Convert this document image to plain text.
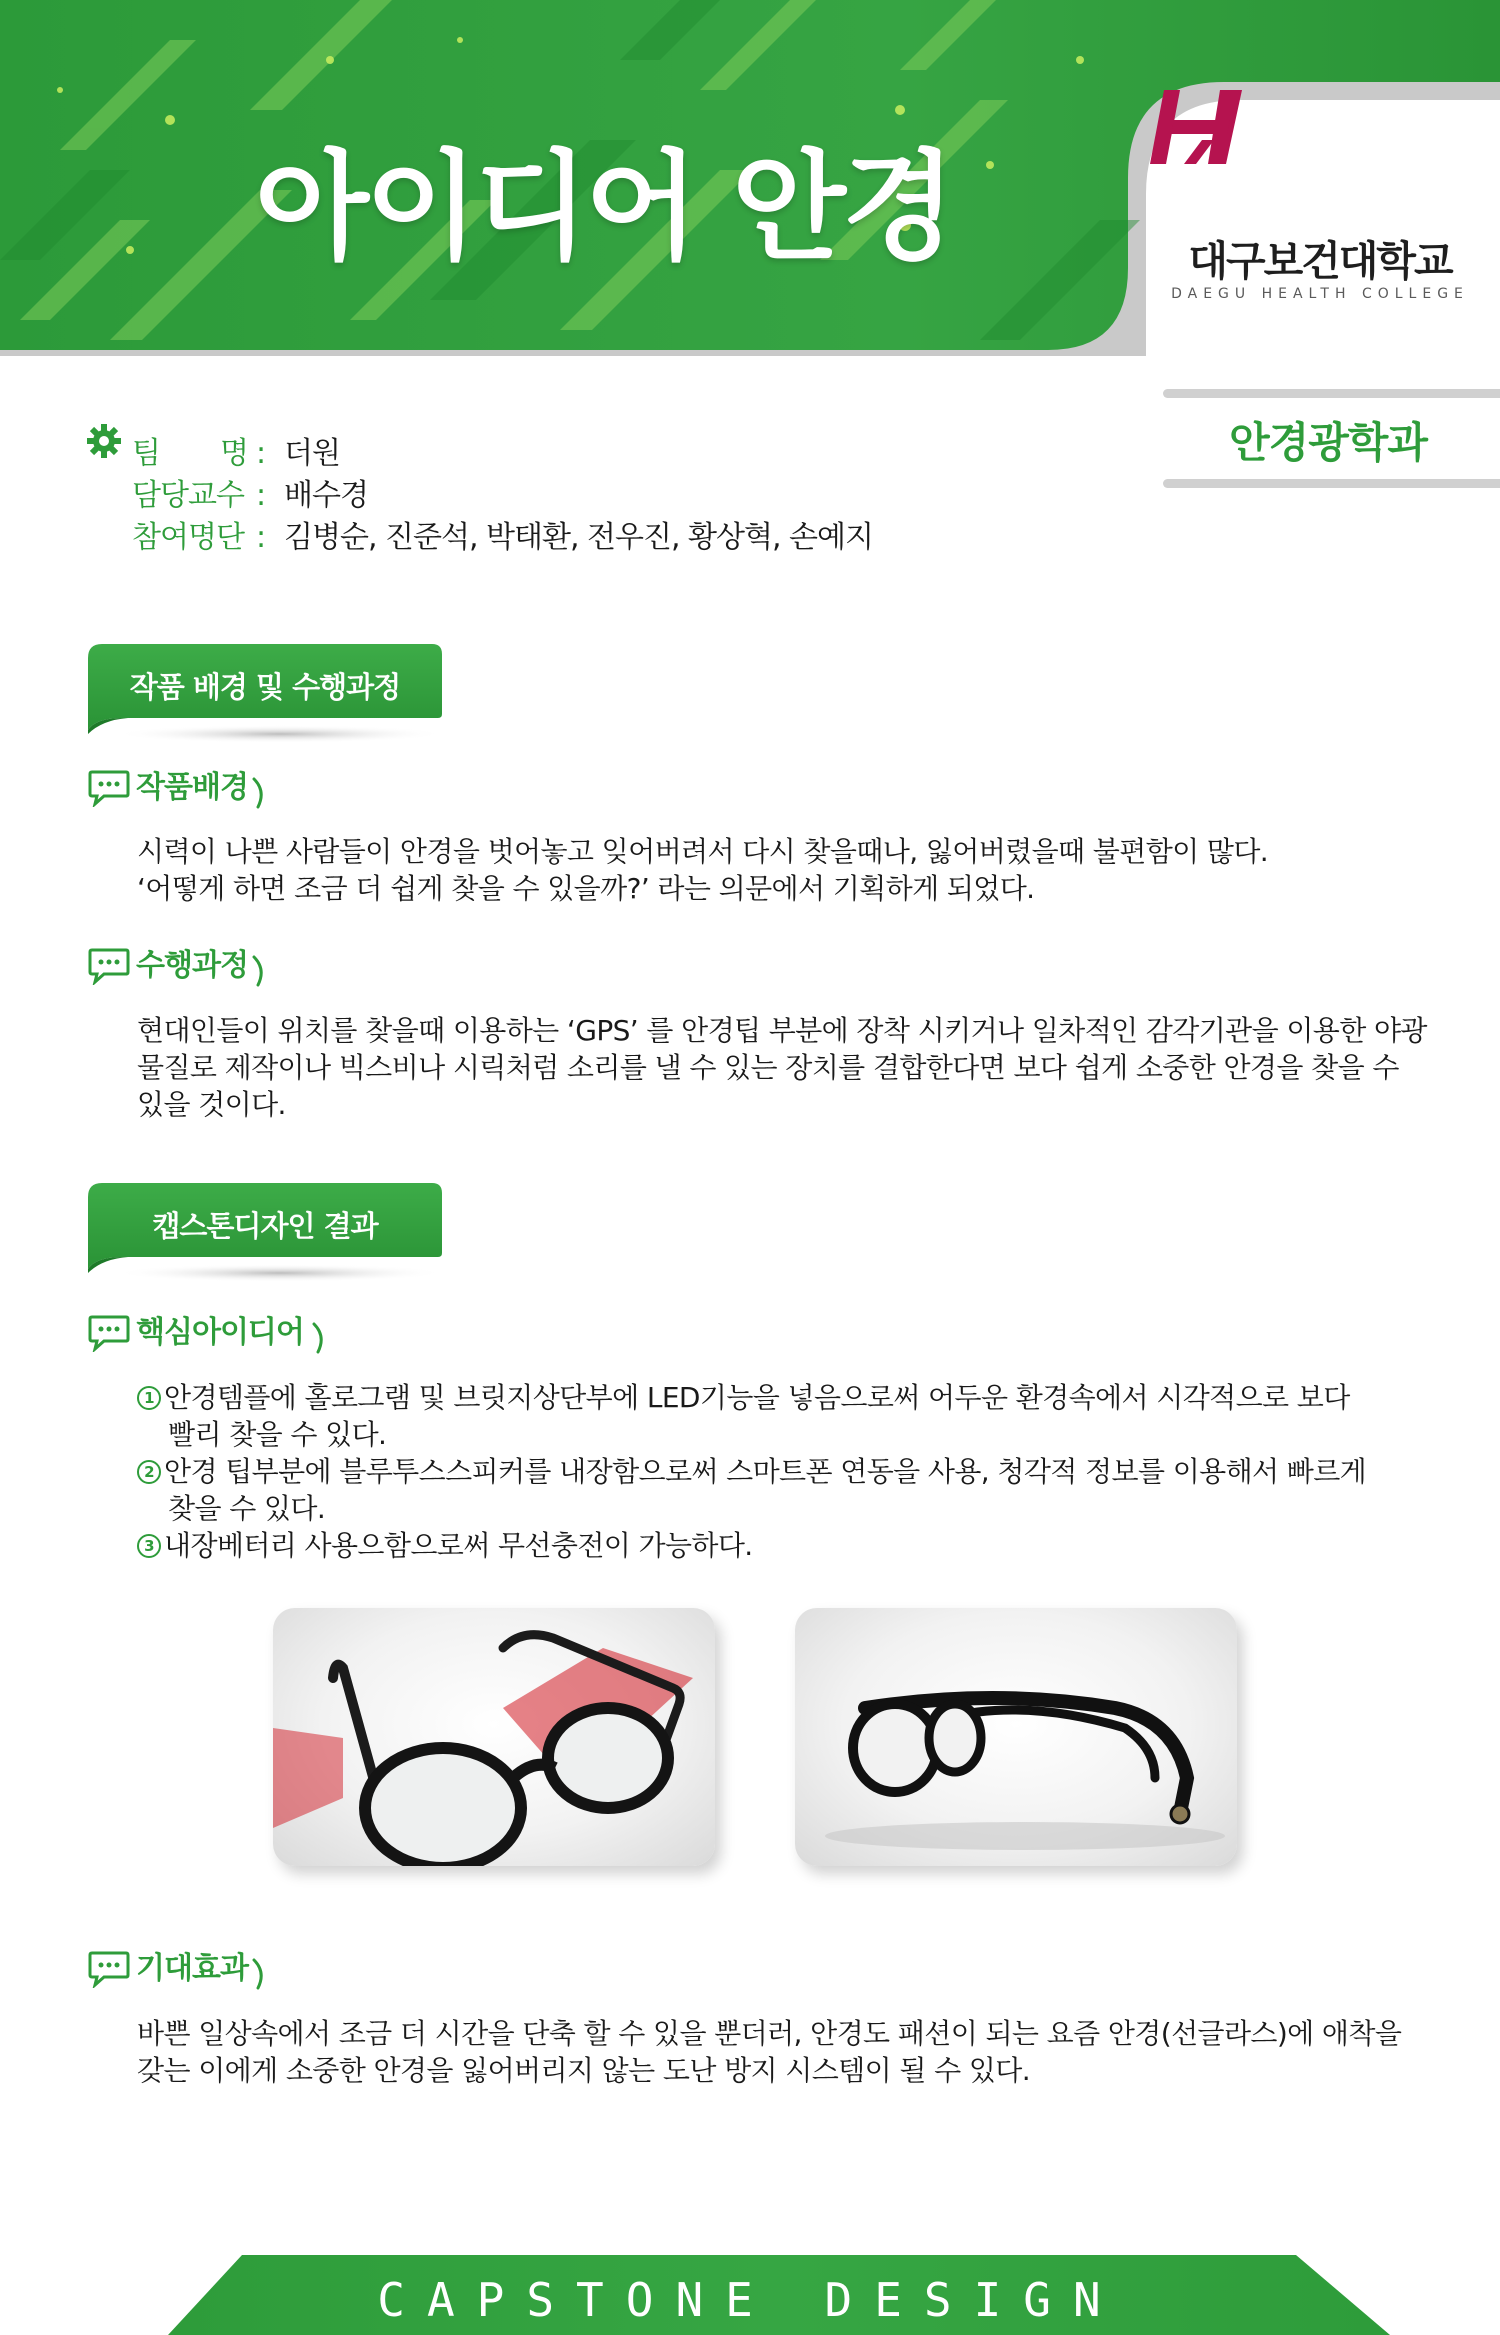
아이디어 안경	대구보건대학교
DAEGU HEALTH COLLEGE
안경광학과
팀 명 : 더원
담당교수 : 배수경
참여명단 : 김병순, 진준석, 박태환, 전우진, 황상혁, 손예지
작품 배경 및 수행과정
작품배경

시력이 나쁜 사람들이 안경을 벗어놓고 잊어버려서 다시 찾을때나, 잃어버렸을때 불편함이 많다.

‘어떻게 하면 조금 더 쉽게 찾을 수 있을까?’ 라는 의문에서 기획하게 되었다.

수행과정

현대인들이 위치를 찾을때 이용하는 ‘GPS’ 를 안경팁 부분에 장착 시키거나 일차적인 감각기관을 이용한 야광

물질로 제작이나 빅스비나 시릭처럼 소리를 낼 수 있는 장치를 결합한다면 보다 쉽게 소중한 안경을 찾을 수

있을 것이다.

캡스톤디자인 결과
핵심아이디어
1 안경템플에 홀로그램 및 브릿지상단부에 LED기능을 넣음으로써 어두운 환경속에서 시각적으로 보다

빨리 찾을 수 있다.

2 안경 팁부분에 블루투스스피커를 내장함으로써 스마트폰 연동을 사용, 청각적 정보를 이용해서 빠르게

찾을 수 있다.

3 내장베터리 사용으함으로써 무선충전이 가능하다.

기대효과

바쁜 일상속에서 조금 더 시간을 단축 할 수 있을 뿐더러, 안경도 패션이 되는 요즘 안경(선글라스)에 애착을

갖는 이에게 소중한 안경을 잃어버리지 않는 도난 방지 시스템이 될 수 있다.

CAPSTONE DESIGN
